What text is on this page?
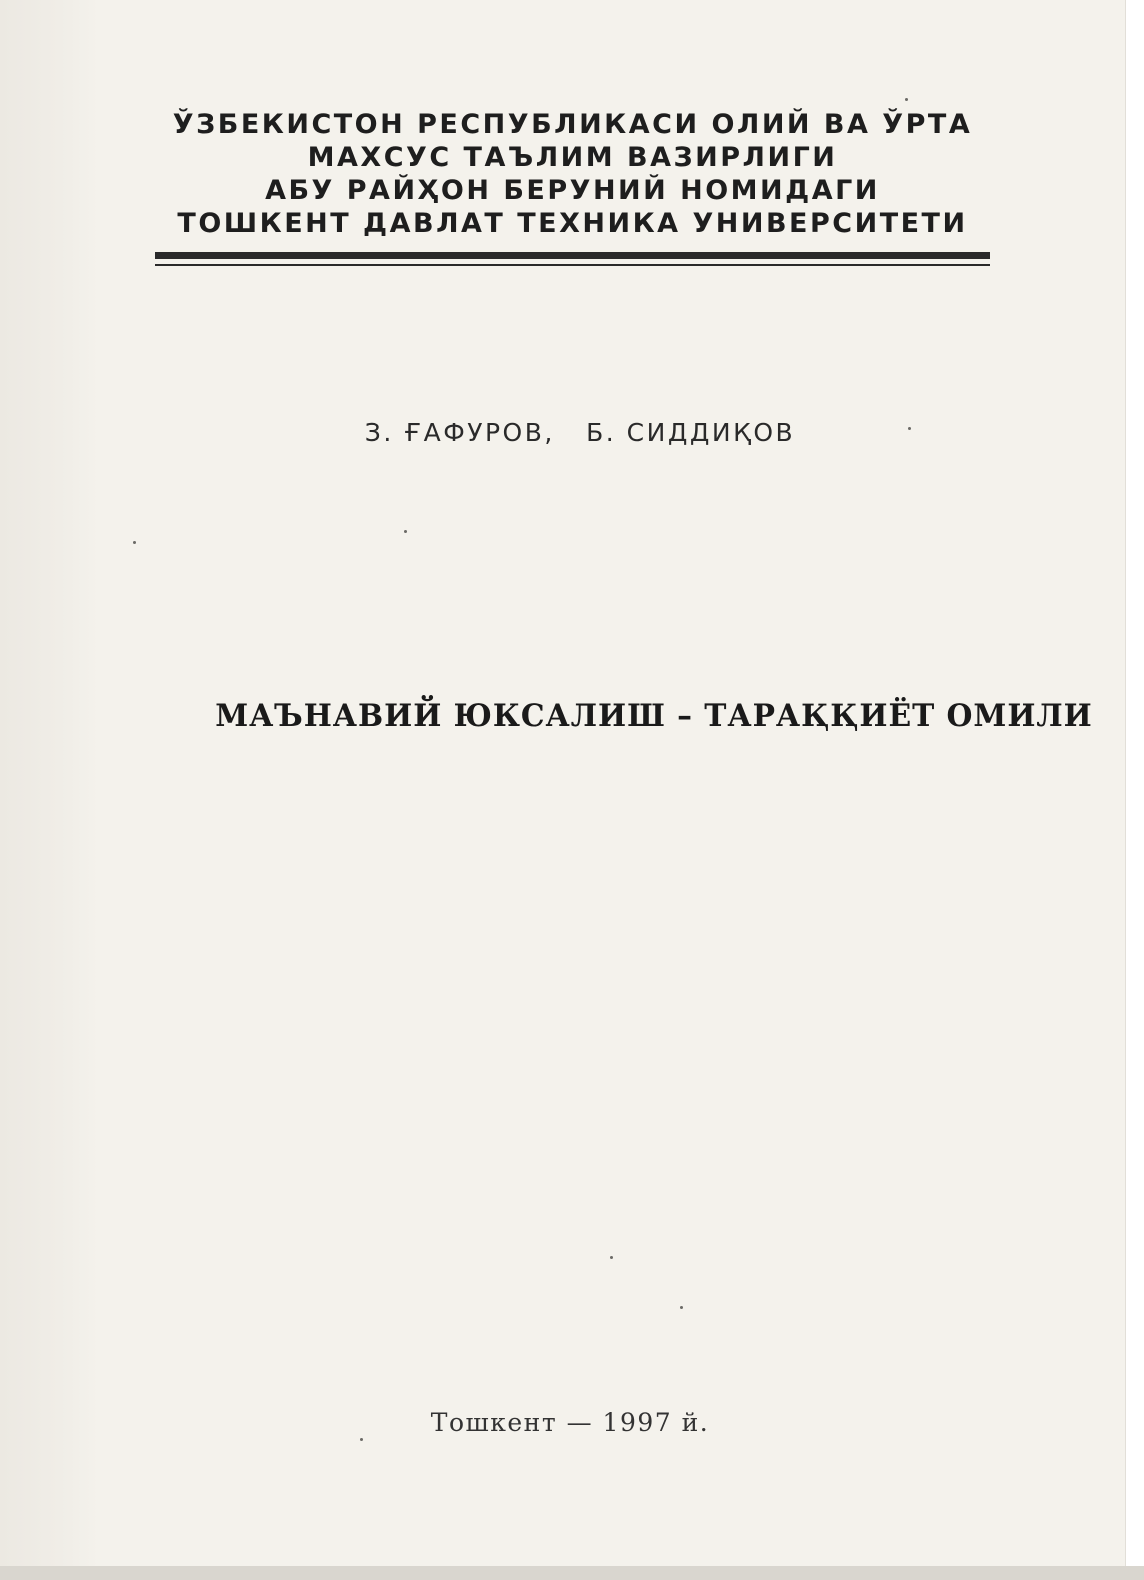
ЎЗБЕКИСТОН РЕСПУБЛИКАСИ ОЛИЙ ВА ЎРТА
МАХСУС ТАЪЛИМ ВАЗИРЛИГИ
АБУ РАЙҲОН БЕРУНИЙ НОМИДАГИ
ТОШКЕНТ ДАВЛАТ ТЕХНИКА УНИВЕРСИТЕТИ
З. ҒАФУРОВ,   Б. СИДДИҚОВ
МАЪНАВИЙ ЮКСАЛИШ – ТАРАҚҚИЁТ ОМИЛИ
Тошкент — 1997 й.
